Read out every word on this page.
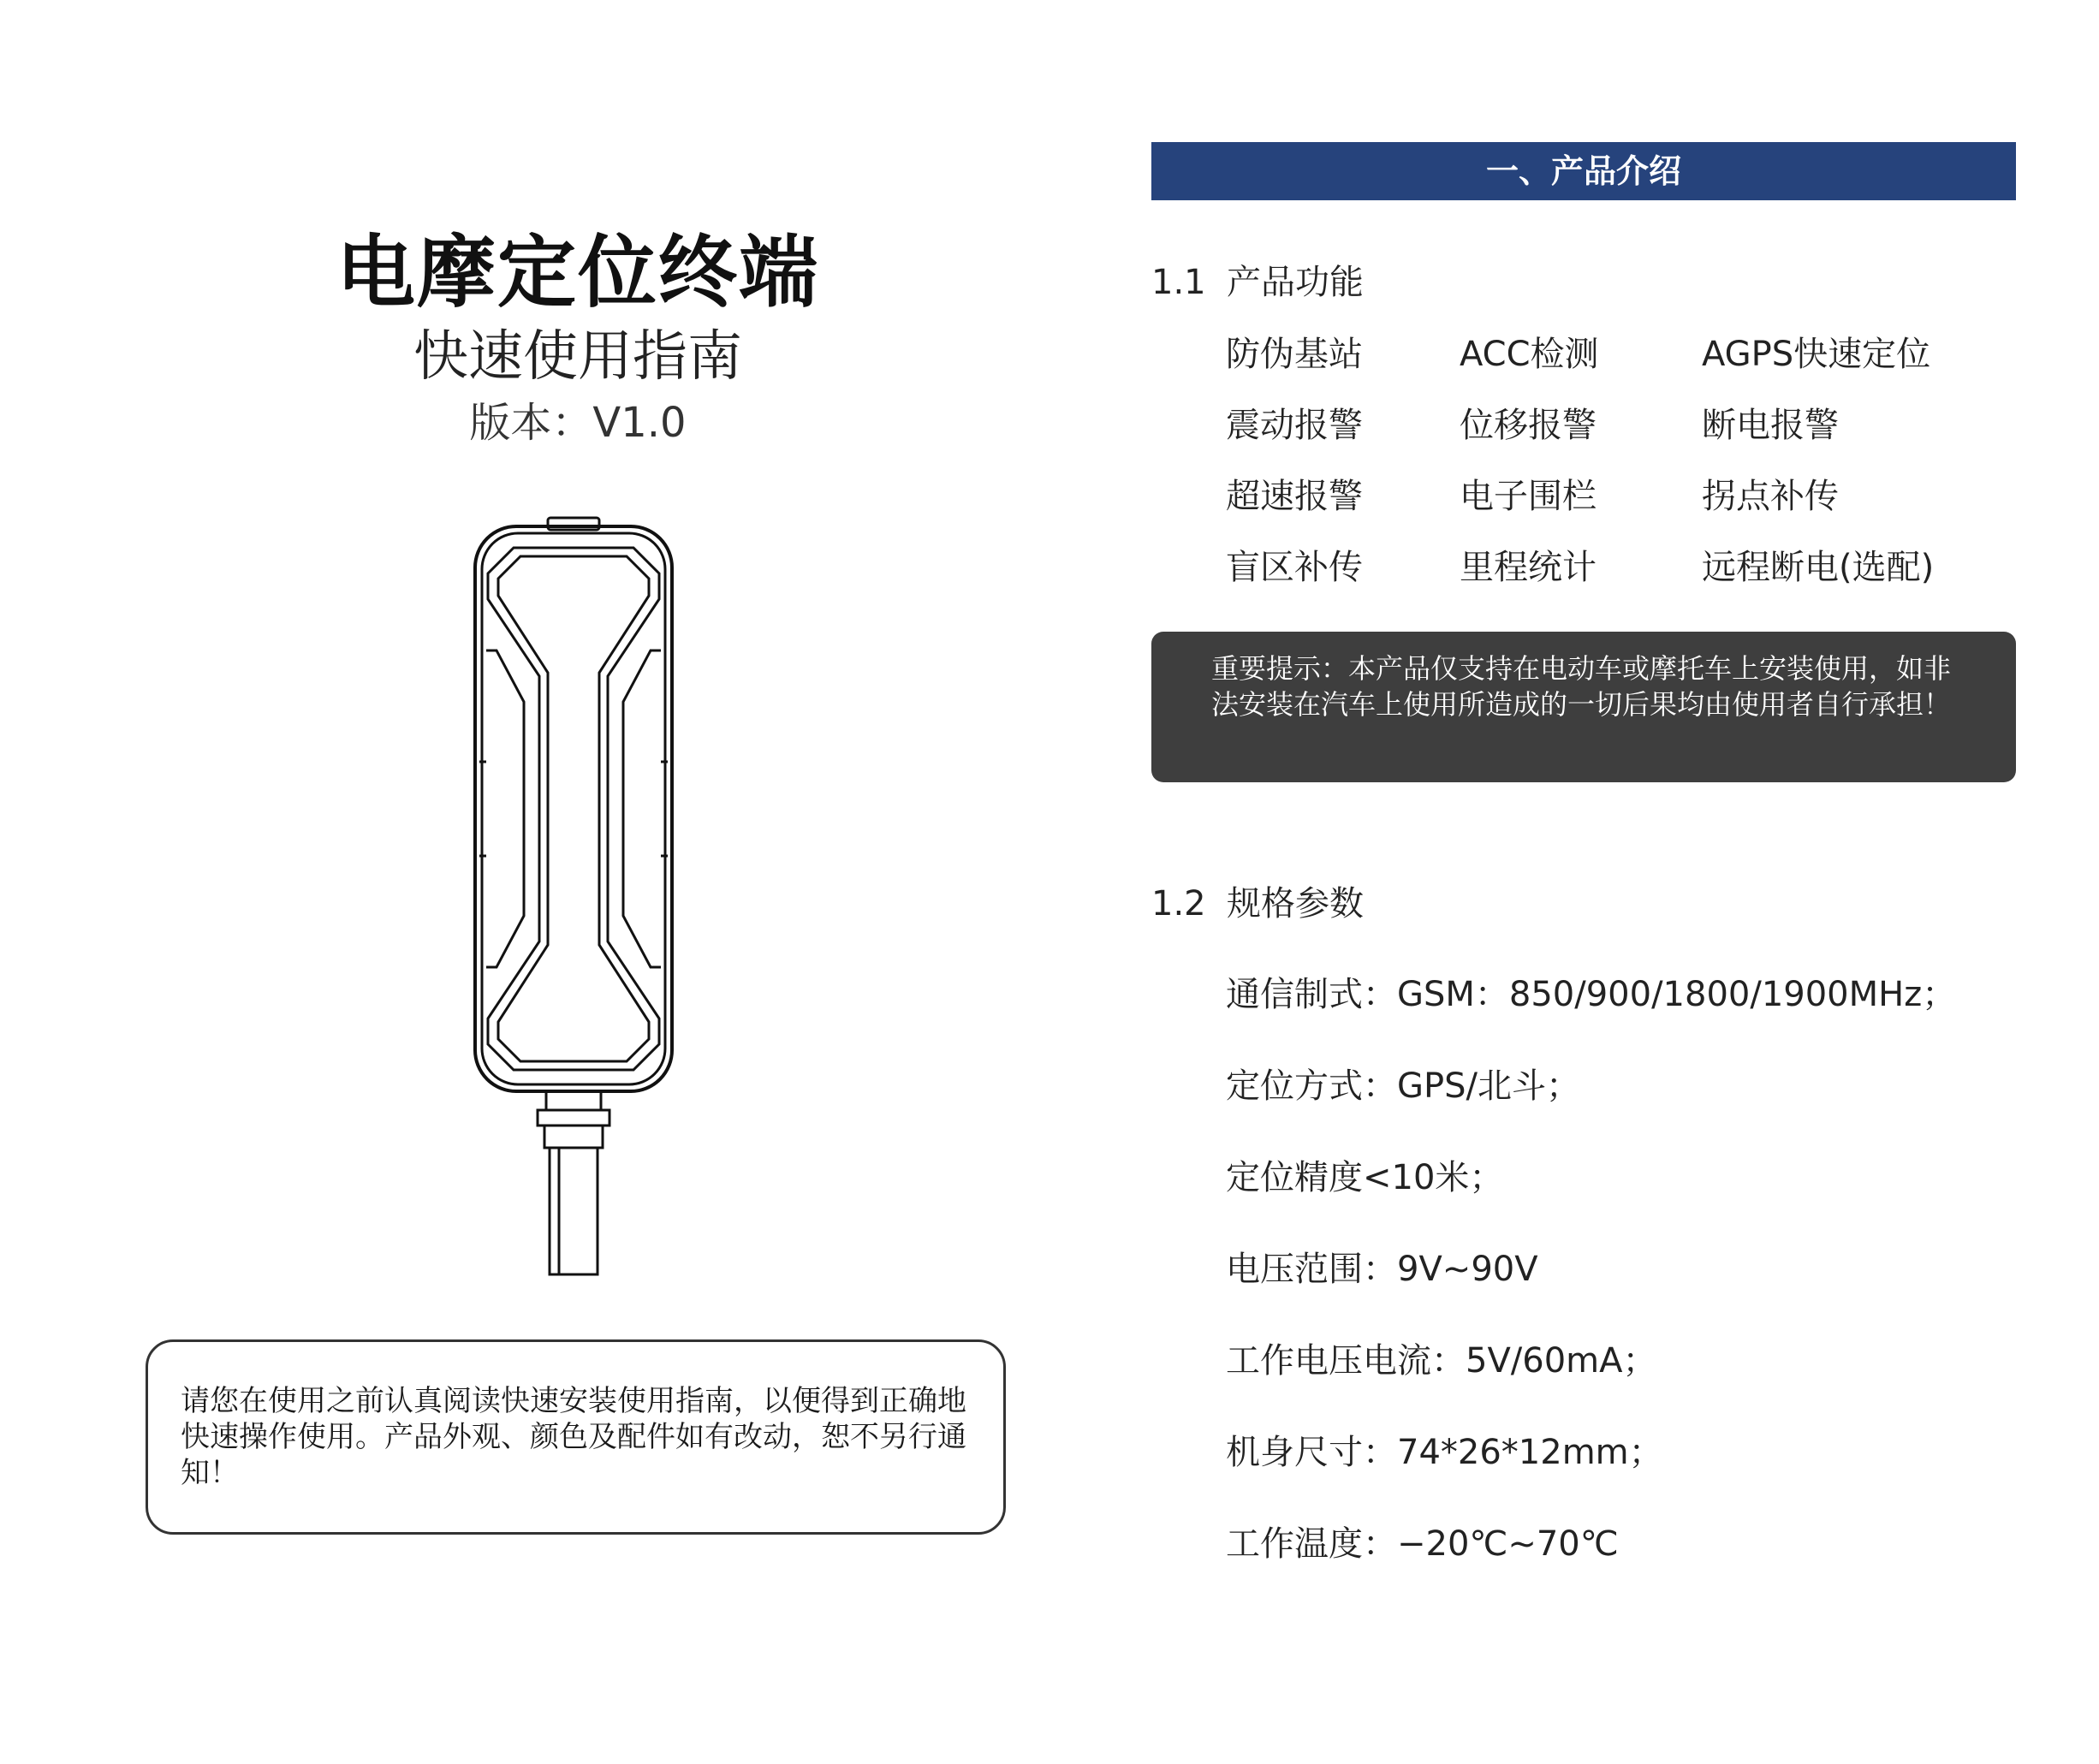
电摩定位终端
快速使用指南
版本：V1.0
请您在使用之前认真阅读快速安装使用指南，以便得到正确地快速操作使用。产品外观、颜色及配件如有改动，恕不另行通知！
一、产品介绍
1.1 产品功能
防伪基站	ACC检测	AGPS快速定位
震动报警	位移报警	断电报警
超速报警	电子围栏	拐点补传
盲区补传	里程统计	远程断电(选配)
重要提示：本产品仅支持在电动车或摩托车上安装使用，如非法安装在汽车上使用所造成的一切后果均由使用者自行承担！
1.2 规格参数
通信制式：GSM：850/900/1800/1900MHz；
定位方式：GPS/北斗；
定位精度<10米；
电压范围：9V~90V
工作电压电流：5V/60mA；
机身尺寸：74*26*12mm；
工作温度：−20℃~70℃
